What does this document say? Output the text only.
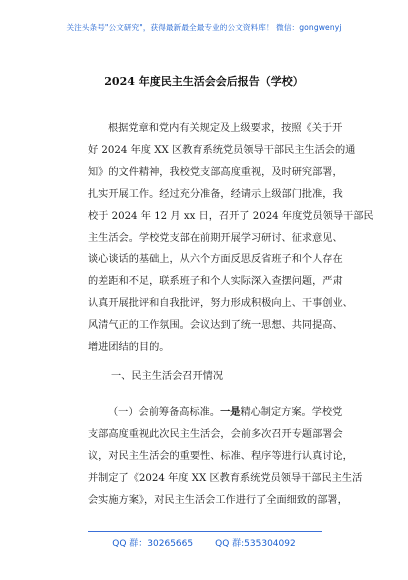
关注头条号"公文研究"，获得最新最全最专业的公文资料库！ 微信：gongwenyj
2024 年度民主生活会会后报告（学校）
根据党章和党内有关规定及上级要求，按照《关于开
好 2024 年度 XX 区教育系统党员领导干部民主生活会的通
知》的文件精神，我校党支部高度重视，及时研究部署，
扎实开展工作。经过充分准备，经请示上级部门批准，我
校于 2024 年 12 月 xx 日，召开了 2024 年度党员领导干部民
主生活会。学校党支部在前期开展学习研讨、征求意见、
谈心谈话的基础上，从六个方面反思反省班子和个人存在
的差距和不足，联系班子和个人实际深入查摆问题，严肃
认真开展批评和自我批评，努力形成积极向上、干事创业、
风清气正的工作氛围。会议达到了统一思想、共同提高、
增进团结的目的。
一、民主生活会召开情况
（一）会前筹备高标准。一是精心制定方案。学校党
支部高度重视此次民主生活会，会前多次召开专题部署会
议，对民主生活会的重要性、标准、程序等进行认真讨论，
并制定了《2024 年度 XX 区教育系统党员领导干部民主生活
会实施方案》，对民主生活会工作进行了全面细致的部署，
QQ 群：30265665 QQ 群:535304092
